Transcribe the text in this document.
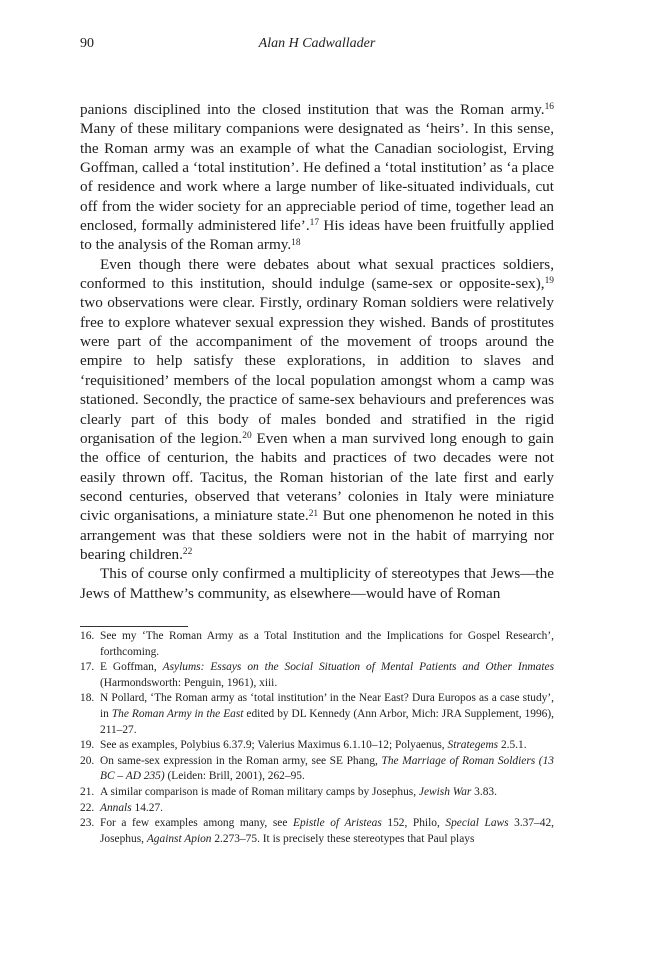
90	Alan H Cadwallader

panions disciplined into the closed institution that was the Roman army.$^{16}$ Many of these military companions were designated as ‘heirs’. In this sense, the Roman army was an example of what the Canadian sociologist, Erving Goffman, called a ‘total institution’. He defined a ‘total institution’ as ‘a place of residence and work where a large number of like-situated individuals, cut off from the wider society for an appreciable period of time, together lead an enclosed, formally administered life’.$^{17}$ His ideas have been fruitfully applied to the analysis of the Roman army.$^{18}$

Even though there were debates about what sexual practices soldiers, conformed to this institution, should indulge (same-sex or opposite-sex),$^{19}$ two observations were clear. Firstly, ordinary Roman soldiers were relatively free to explore whatever sexual expression they wished. Bands of prostitutes were part of the accompaniment of the movement of troops around the empire to help satisfy these explorations, in addition to slaves and ‘requisitioned’ members of the local population amongst whom a camp was stationed. Secondly, the practice of same-sex behaviours and preferences was clearly part of this body of males bonded and stratified in the rigid organisation of the legion.$^{20}$ Even when a man survived long enough to gain the office of centurion, the habits and practices of two decades were not easily thrown off. Tacitus, the Roman historian of the late first and early second centuries, observed that veterans’ colonies in Italy were miniature civic organisations, a miniature state.$^{21}$ But one phenomenon he noted in this arrangement was that these soldiers were not in the habit of marrying nor bearing children.$^{22}$

This of course only confirmed a multiplicity of stereotypes that Jews—the Jews of Matthew’s community, as elsewhere—would have of Roman

16. See my ‘The Roman Army as a Total Institution and the Implications for Gospel Research’, forthcoming.
17. E Goffman, Asylums: Essays on the Social Situation of Mental Patients and Other Inmates (Harmondsworth: Penguin, 1961), xiii.
18. N Pollard, ‘The Roman army as ‘total institution’ in the Near East? Dura Europos as a case study’, in The Roman Army in the East edited by DL Kennedy (Ann Arbor, Mich: JRA Supplement, 1996), 211–27.
19. See as examples, Polybius 6.37.9; Valerius Maximus 6.1.10–12; Polyaenus, Strategems 2.5.1.
20. On same-sex expression in the Roman army, see SE Phang, The Marriage of Roman Soldiers (13 BC – AD 235) (Leiden: Brill, 2001), 262–95.
21. A similar comparison is made of Roman military camps by Josephus, Jewish War 3.83.
22. Annals 14.27.
23. For a few examples among many, see Epistle of Aristeas 152, Philo, Special Laws 3.37–42, Josephus, Against Apion 2.273–75. It is precisely these stereotypes that Paul plays
